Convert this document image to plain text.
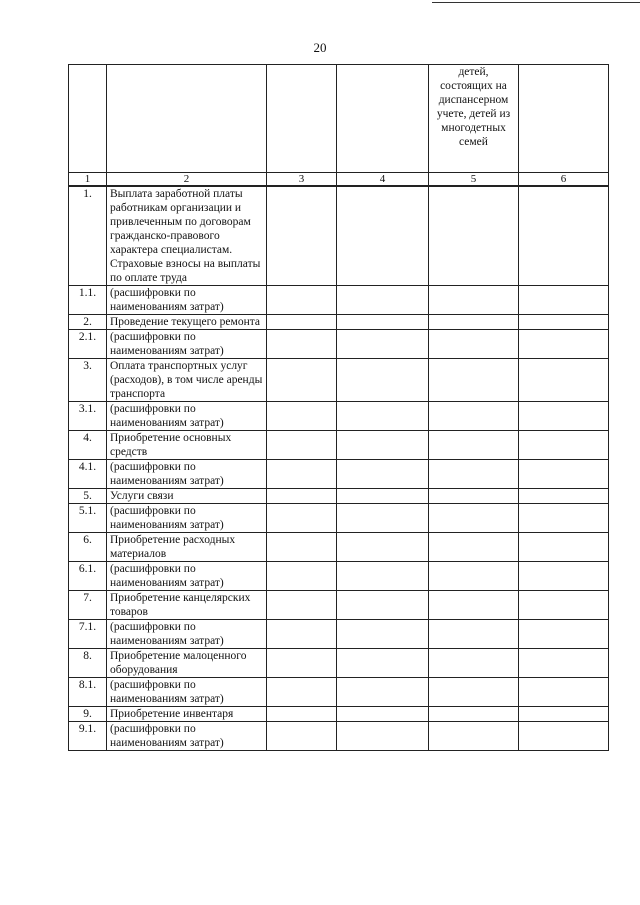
20
				детей, состоящих на диспансерном учете, детей из многодетных семей	
1	2	3	4	5	6
1.	Выплата заработной платы работникам организации и привлеченным по договорам гражданско-правового характера специалистам. Страховые взносы на выплаты по оплате труда				
1.1.	(расшифровки по наименованиям затрат)				
2.	Проведение текущего ремонта				
2.1.	(расшифровки по наименованиям затрат)				
3.	Оплата транспортных услуг (расходов), в том числе аренды транспорта				
3.1.	(расшифровки по наименованиям затрат)				
4.	Приобретение основных средств				
4.1.	(расшифровки по наименованиям затрат)				
5.	Услуги связи				
5.1.	(расшифровки по наименованиям затрат)				
6.	Приобретение расходных материалов				
6.1.	(расшифровки по наименованиям затрат)				
7.	Приобретение канцелярских товаров				
7.1.	(расшифровки по наименованиям затрат)				
8.	Приобретение малоценного оборудования				
8.1.	(расшифровки по наименованиям затрат)				
9.	Приобретение инвентаря				
9.1.	(расшифровки по наименованиям затрат)				
